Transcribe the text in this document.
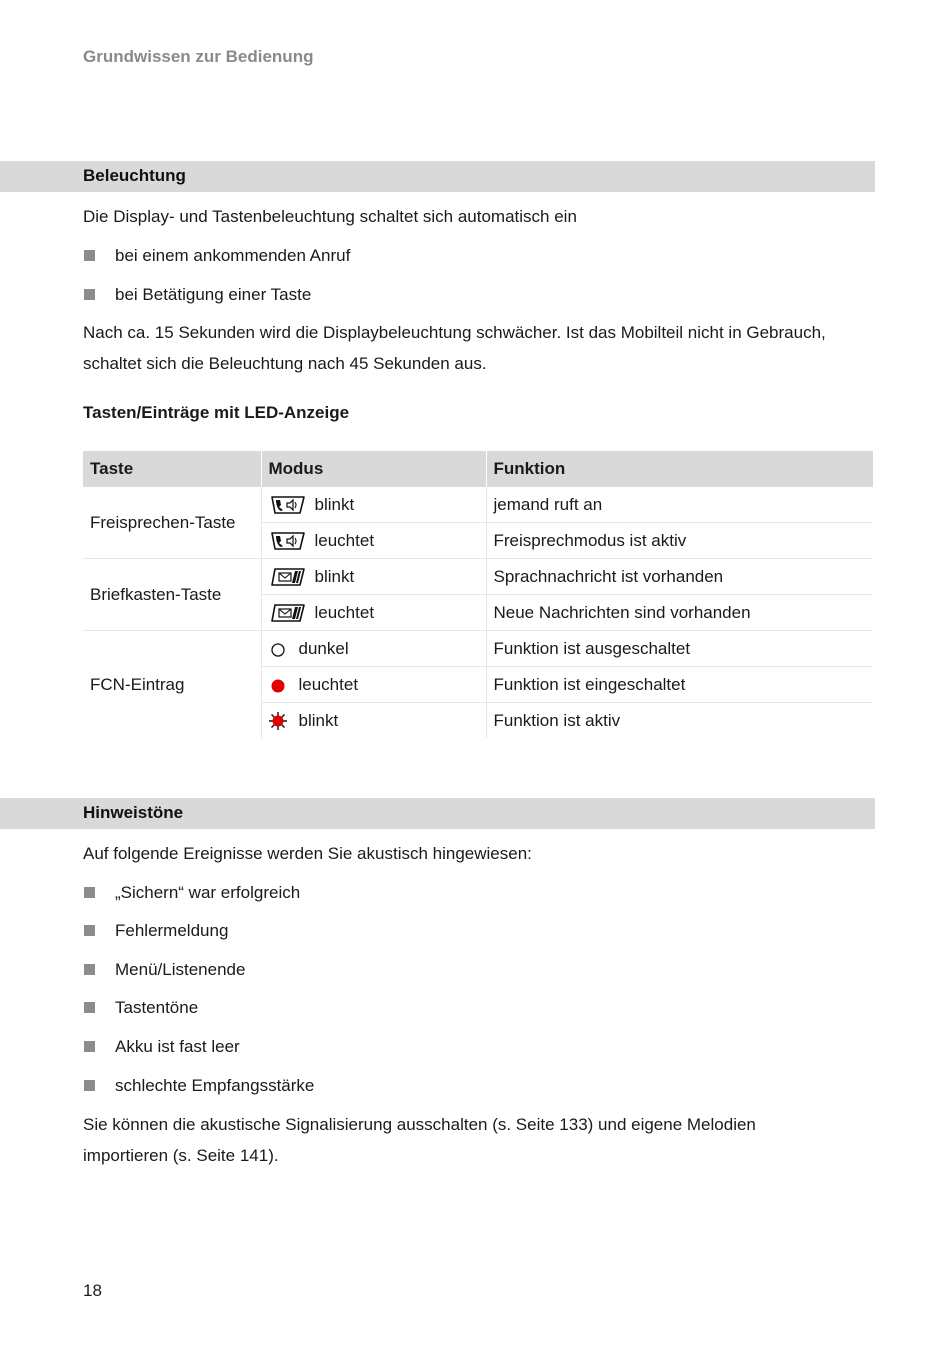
Grundwissen zur Bedienung
Beleuchtung
Die Display- und Tastenbeleuchtung schaltet sich automatisch ein
bei einem ankommenden Anruf
bei Betätigung einer Taste
Nach ca. 15 Sekunden wird die Displaybeleuchtung schwächer. Ist das Mobilteil nicht in Gebrauch, schaltet sich die Beleuchtung nach 45 Sekunden aus.
Tasten/Einträge mit LED-Anzeige
Taste	Modus	Funktion
Freisprechen-Taste	blinkt	jemand ruft an

	leuchtet	Freisprechmodus ist aktiv
Briefkasten-Taste	blinkt	Sprachnachricht ist vorhanden

	leuchtet	Neue Nachrichten sind vorhanden
FCN-Eintrag	dunkel	Funktion ist ausgeschaltet

	leuchtet	Funktion ist eingeschaltet

	blinkt	Funktion ist aktiv
Hinweistöne
Auf folgende Ereignisse werden Sie akustisch hingewiesen:
„Sichern“ war erfolgreich
Fehlermeldung
Menü/Listenende
Tastentöne
Akku ist fast leer
schlechte Empfangsstärke
Sie können die akustische Signalisierung ausschalten (s. Seite 133) und eigene Melodien importieren (s. Seite 141).
18
